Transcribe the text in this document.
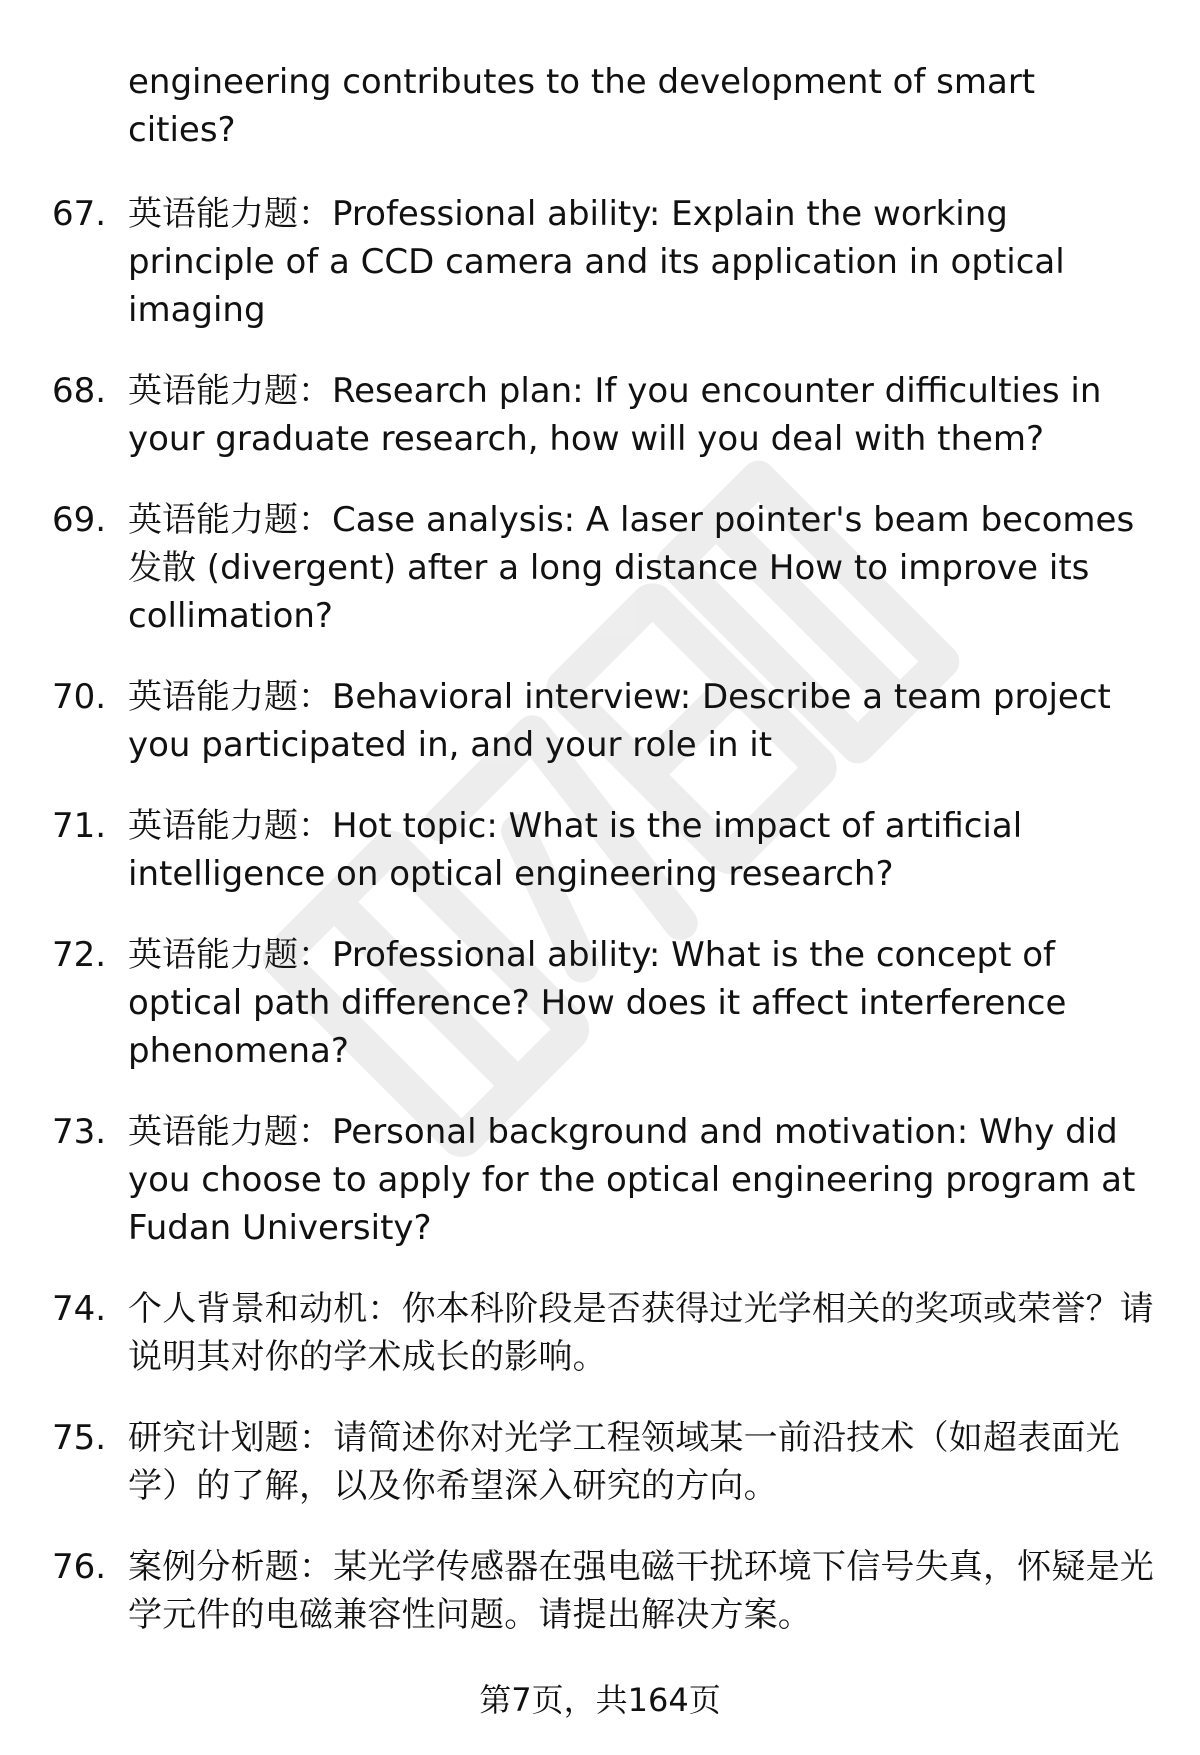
engineering contributes to the development of smart cities?
67. 英语能力题：Professional ability: Explain the working principle of a CCD camera and its application in optical imaging
68. 英语能力题：Research plan: If you encounter difficulties in your graduate research, how will you deal with them?
69. 英语能力题：Case analysis: A laser pointer's beam becomes 发散 (divergent) after a long distance How to improve its collimation?
70. 英语能力题：Behavioral interview: Describe a team project you participated in, and your role in it
71. 英语能力题：Hot topic: What is the impact of artificial intelligence on optical engineering research?
72. 英语能力题：Professional ability: What is the concept of optical path difference? How does it affect interference phenomena?
73. 英语能力题：Personal background and motivation: Why did you choose to apply for the optical engineering program at Fudan University?
74. 个人背景和动机：你本科阶段是否获得过光学相关的奖项或荣誉？请说明其对你的学术成长的影响。
75. 研究计划题：请简述你对光学工程领域某一前沿技术（如超表面光学）的了解，以及你希望深入研究的方向。
76. 案例分析题：某光学传感器在强电磁干扰环境下信号失真，怀疑是光学元件的电磁兼容性问题。请提出解决方案。
第7页，共164页
